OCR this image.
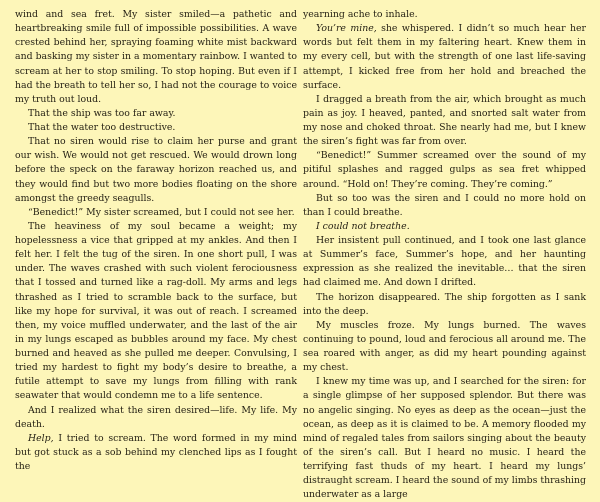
wind and sea fret. My sister smiled—a pathetic and heartbreaking smile full of impossible possibilities. A wave crested behind her, spraying foaming white mist backward and basking my sister in a momentary rainbow. I wanted to scream at her to stop smiling. To stop hoping. But even if I had the breath to tell her so, I had not the courage to voice my truth out loud.

That the ship was too far away.

That the water too destructive.

That no siren would rise to claim her purse and grant our wish. We would not get rescued. We would drown long before the speck on the faraway horizon reached us, and they would find but two more bodies floating on the shore amongst the greedy seagulls.

“Benedict!” My sister screamed, but I could not see her.

The heaviness of my soul became a weight; my hopelessness a vice that gripped at my ankles. And then I felt her. I felt the tug of the siren. In one short pull, I was under. The waves crashed with such violent ferociousness that I tossed and turned like a rag-doll. My arms and legs thrashed as I tried to scramble back to the surface, but like my hope for survival, it was out of reach. I screamed then, my voice muffled underwater, and the last of the air in my lungs escaped as bubbles around my face. My chest burned and heaved as she pulled me deeper. Convulsing, I tried my hardest to fight my body’s desire to breathe, a futile attempt to save my lungs from filling with rank seawater that would condemn me to a life sentence.

And I realized what the siren desired—life. My life. My death.

Help, I tried to scream. The word formed in my mind but got stuck as a sob behind my clenched lips as I fought the

yearning ache to inhale.

You’re mine, she whispered. I didn’t so much hear her words but felt them in my faltering heart. Knew them in my every cell, but with the strength of one last life-saving attempt, I kicked free from her hold and breached the surface.

I dragged a breath from the air, which brought as much pain as joy. I heaved, panted, and snorted salt water from my nose and choked throat. She nearly had me, but I knew the siren’s fight was far from over.

“Benedict!” Summer screamed over the sound of my pitiful splashes and ragged gulps as sea fret whipped around. “Hold on! They’re coming. They’re coming.”

But so too was the siren and I could no more hold on than I could breathe.

I could not breathe.

Her insistent pull continued, and I took one last glance at Summer’s face, Summer’s hope, and her haunting expression as she realized the inevitable… that the siren had claimed me. And down I drifted.

The horizon disappeared. The ship forgotten as I sank into the deep.

My muscles froze. My lungs burned. The waves continuing to pound, loud and ferocious all around me. The sea roared with anger, as did my heart pounding against my chest.

I knew my time was up, and I searched for the siren: for a single glimpse of her supposed splendor. But there was no angelic singing. No eyes as deep as the ocean—just the ocean, as deep as it is claimed to be. A memory flooded my mind of regaled tales from sailors singing about the beauty of the siren’s call. But I heard no music. I heard the terrifying fast thuds of my heart. I heard my lungs’ distraught scream. I heard the sound of my limbs thrashing underwater as a large
